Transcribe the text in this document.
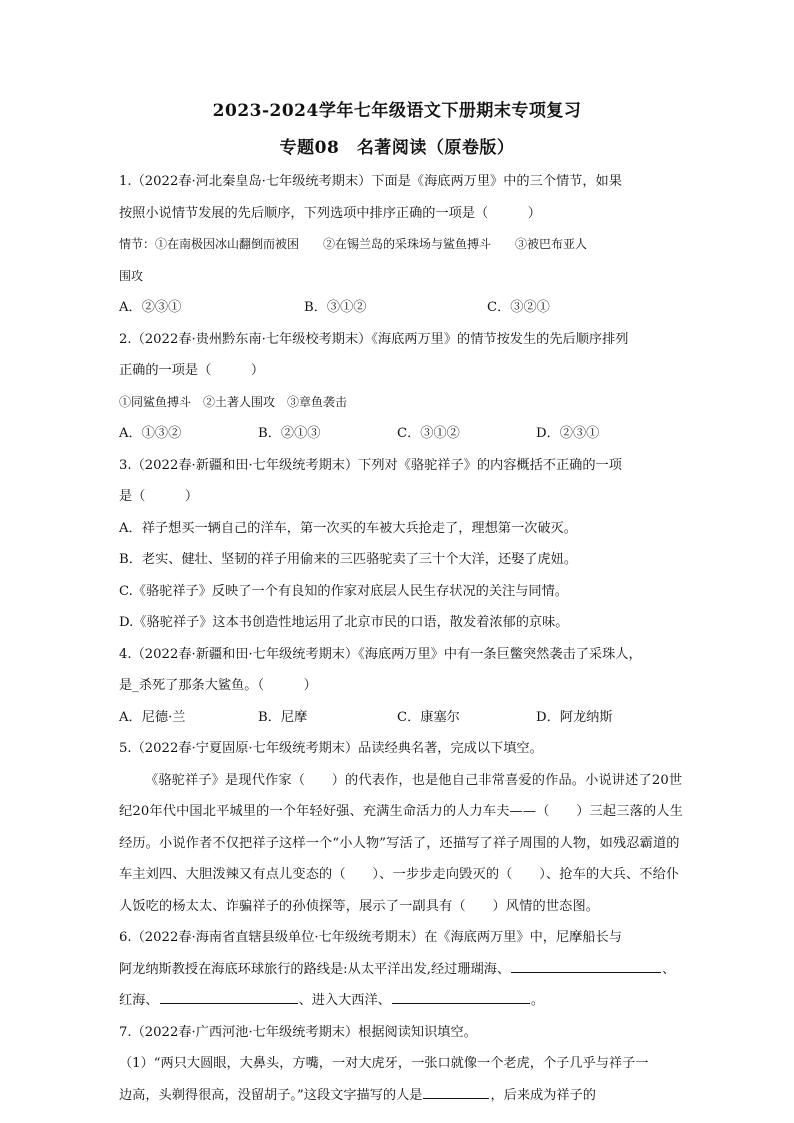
2023-2024学年七年级语文下册期末专项复习
专题08　名著阅读（原卷版）
1.（2022春·河北秦皇岛·七年级统考期末）下面是《海底两万里》中的三个情节，如果
按照小说情节发展的先后顺序，下列选项中排序正确的一项是（　　　）
情节：①在南极因冰山翻倒而被困　　②在锡兰岛的采珠场与鲨鱼搏斗　　③被巴布亚人
围攻
A．②③①	B．③①②	C．③②①
2.（2022春·贵州黔东南·七年级校考期末）《海底两万里》的情节按发生的先后顺序排列
正确的一项是（　　　）
①同鲨鱼搏斗　②土著人围攻　③章鱼袭击
A．①③②	B．②①③	C．③①②	D．②③①
3.（2022春·新疆和田·七年级统考期末）下列对《骆驼祥子》的内容概括不正确的一项
是（　　　）
A．祥子想买一辆自己的洋车，第一次买的车被大兵抢走了，理想第一次破灭。
B．老实、健壮、坚韧的祥子用偷来的三匹骆驼卖了三十个大洋，还娶了虎妞。
C.《骆驼祥子》反映了一个有良知的作家对底层人民生存状况的关注与同情。
D.《骆驼祥子》这本书创造性地运用了北京市民的口语，散发着浓郁的京味。
4.（2022春·新疆和田·七年级统考期末）《海底两万里》中有一条巨鳖突然袭击了采珠人，
是_杀死了那条大鲨鱼。（　　　）
A．尼德·兰	B．尼摩	C．康塞尔	D．阿龙纳斯
5.（2022春·宁夏固原·七年级统考期末）品读经典名著，完成以下填空。
《骆驼祥子》是现代作家（　　）的代表作，也是他自己非常喜爱的作品。小说讲述了20世纪20年代中国北平城里的一个年轻好强、充满生命活力的人力车夫——（　　）三起三落的人生经历。小说作者不仅把祥子这样一个“小人物”写活了，还描写了祥子周围的人物，如残忍霸道的车主刘四、大胆泼辣又有点儿变态的（　　）、一步步走向毁灭的（　　）、抢车的大兵、不给仆人饭吃的杨太太、诈骗祥子的孙侦探等，展示了一副具有（　　）风情的世态图。
6.（2022春·海南省直辖县级单位·七年级统考期末）在《海底两万里》中，尼摩船长与
阿龙纳斯教授在海底环球旅行的路线是:从太平洋出发,经过珊瑚海、	、
红海、	、进入大西洋、	。
7.（2022春·广西河池·七年级统考期末）根据阅读知识填空。
（1）“两只大圆眼，大鼻头，方嘴，一对大虎牙，一张口就像一个老虎，个子几乎与祥子一
边高，头剃得很高，没留胡子。”这段文字描写的人是	，后来成为祥子的
